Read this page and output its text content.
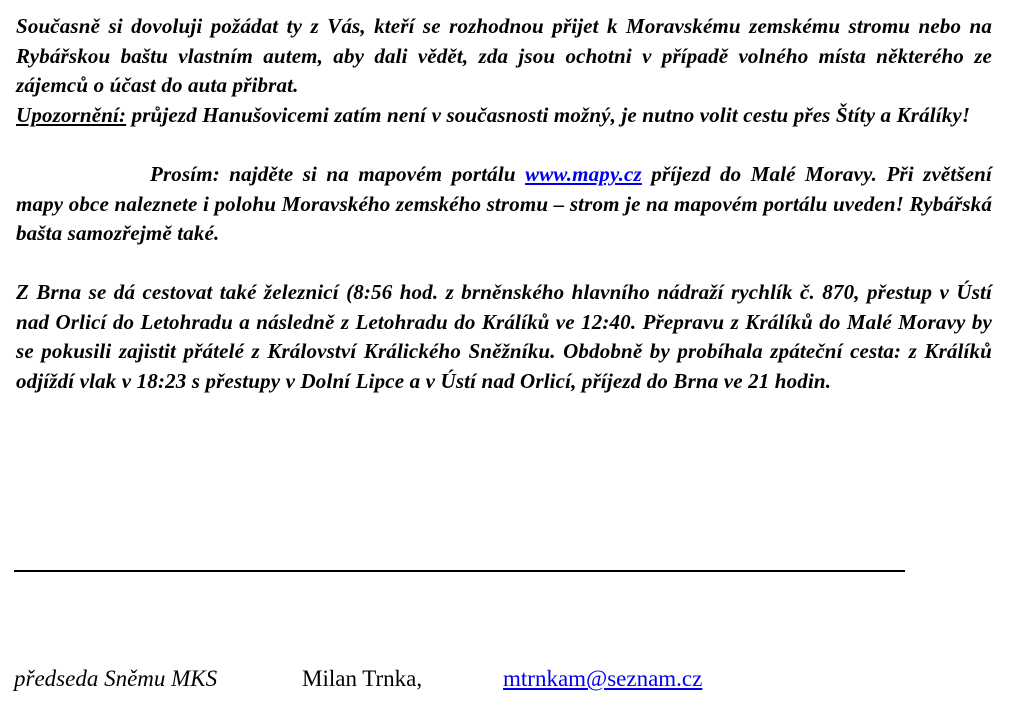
Současně si dovoluji požádat ty z Vás, kteří se rozhodnou přijet k Moravskému zemskému stromu nebo na Rybářskou baštu vlastním autem, aby dali vědět, zda jsou ochotni v případě volného místa některého ze zájemců o účast do auta přibrat.

Upozornění: průjezd Hanušovicemi zatím není v současnosti možný, je nutno volit cestu přes Štíty a Králíky!

Prosím: najděte si na mapovém portálu www.mapy.cz příjezd do Malé Moravy. Při zvětšení mapy obce naleznete i polohu Moravského zemského stromu – strom je na mapovém portálu uveden! Rybářská bašta samozřejmě také.

Z Brna se dá cestovat také železnicí (8:56 hod. z brněnského hlavního nádraží rychlík č. 870, přestup v Ústí nad Orlicí do Letohradu a následně z Letohradu do Králíků ve 12:40. Přepravu z Králíků do Malé Moravy by se pokusili zajistit přátelé z Království Králického Sněžníku. Obdobně by probíhala zpáteční cesta: z Králíků odjíždí vlak v 18:23 s přestupy v Dolní Lipce a v Ústí nad Orlicí, příjezd do Brna ve 21 hodin.

předseda Sněmu MKS	Milan Trnka,	mtrnkam@seznam.cz
